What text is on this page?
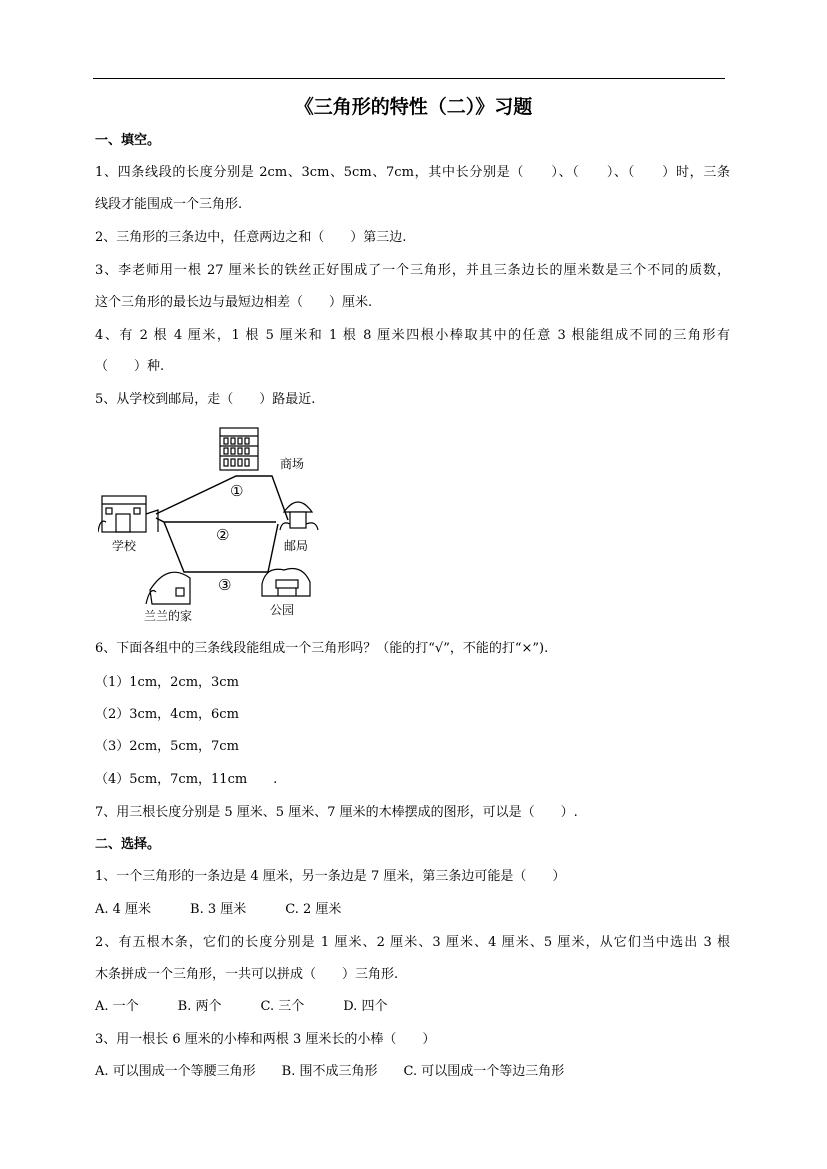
《三角形的特性（二）》习题
一、填空。
1、四条线段的长度分别是 2cm、3cm、5cm、7cm，其中长分别是（　　）、（　　）、（　　）时，三条
线段才能围成一个三角形.
2、三角形的三条边中，任意两边之和（　　）第三边.
3、李老师用一根 27 厘米长的铁丝正好围成了一个三角形，并且三条边长的厘米数是三个不同的质数，
这个三角形的最长边与最短边相差（　　）厘米.
4、有 2 根 4 厘米，1 根 5 厘米和 1 根 8 厘米四根小棒取其中的任意 3 根能组成不同的三角形有
（　　）种.
5、从学校到邮局，走（　　）路最近.
商场
学校	邮局
兰兰的家	公园
①
②
③
6、下面各组中的三条线段能组成一个三角形吗？（能的打“√”，不能的打“×”).
（1）1cm，2cm，3cm
（2）3cm，4cm，6cm
（3）2cm，5cm，7cm
（4）5cm，7cm，11cm　　.
7、用三根长度分别是 5 厘米、5 厘米、7 厘米的木棒摆成的图形，可以是（　　）.
二、选择。
1、一个三角形的一条边是 4 厘米，另一条边是 7 厘米，第三条边可能是（　　）
A. 4 厘米　　　B. 3 厘米　　　C. 2 厘米
2、有五根木条，它们的长度分别是 1 厘米、2 厘米、3 厘米、4 厘米、5 厘米，从它们当中选出 3 根
木条拼成一个三角形，一共可以拼成（　　）三角形.
A. 一个　　　B. 两个　　　C. 三个　　　D. 四个
3、用一根长 6 厘米的小棒和两根 3 厘米长的小棒（　　）
A. 可以围成一个等腰三角形　　B. 围不成三角形　　C. 可以围成一个等边三角形
